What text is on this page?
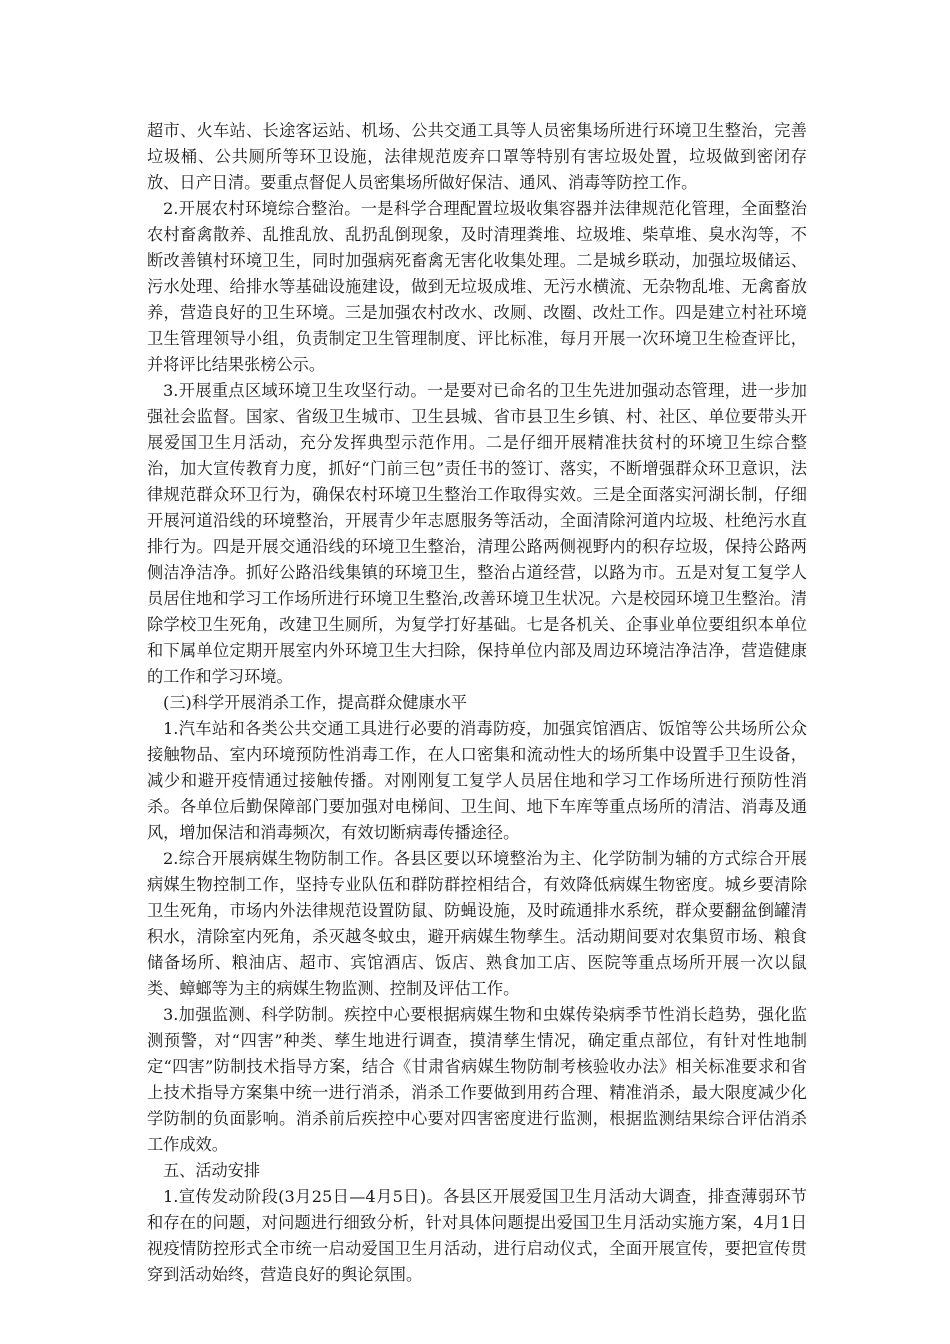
超市、火车站、长途客运站、机场、公共交通工具等人员密集场所进行环境卫生整治，完善垃圾桶、公共厕所等环卫设施，法律规范废弃口罩等特别有害垃圾处置，垃圾做到密闭存放、日产日清。要重点督促人员密集场所做好保洁、通风、消毒等防控工作。

2.开展农村环境综合整治。一是科学合理配置垃圾收集容器并法律规范化管理，全面整治农村畜禽散养、乱推乱放、乱扔乱倒现象，及时清理粪堆、垃圾堆、柴草堆、臭水沟等，不断改善镇村环境卫生，同时加强病死畜禽无害化收集处理。二是城乡联动，加强垃圾储运、污水处理、给排水等基础设施建设，做到无垃圾成堆、无污水横流、无杂物乱堆、无禽畜放养，营造良好的卫生环境。三是加强农村改水、改厕、改圈、改灶工作。四是建立村社环境卫生管理领导小组，负责制定卫生管理制度、评比标准，每月开展一次环境卫生检查评比，并将评比结果张榜公示。

3.开展重点区域环境卫生攻坚行动。一是要对已命名的卫生先进加强动态管理，进一步加强社会监督。国家、省级卫生城市、卫生县城、省市县卫生乡镇、村、社区、单位要带头开展爱国卫生月活动，充分发挥典型示范作用。二是仔细开展精准扶贫村的环境卫生综合整治，加大宣传教育力度，抓好“门前三包”责任书的签订、落实，不断增强群众环卫意识，法律规范群众环卫行为，确保农村环境卫生整治工作取得实效。三是全面落实河湖长制，仔细开展河道沿线的环境整治，开展青少年志愿服务等活动，全面清除河道内垃圾、杜绝污水直排行为。四是开展交通沿线的环境卫生整治，清理公路两侧视野内的积存垃圾，保持公路两侧洁净洁净。抓好公路沿线集镇的环境卫生，整治占道经营，以路为市。五是对复工复学人员居住地和学习工作场所进行环境卫生整治,改善环境卫生状况。六是校园环境卫生整治。清除学校卫生死角，改建卫生厕所，为复学打好基础。七是各机关、企事业单位要组织本单位和下属单位定期开展室内外环境卫生大扫除，保持单位内部及周边环境洁净洁净，营造健康的工作和学习环境。

(三)科学开展消杀工作，提高群众健康水平

1.汽车站和各类公共交通工具进行必要的消毒防疫，加强宾馆酒店、饭馆等公共场所公众接触物品、室内环境预防性消毒工作，在人口密集和流动性大的场所集中设置手卫生设备，减少和避开疫情通过接触传播。对刚刚复工复学人员居住地和学习工作场所进行预防性消杀。各单位后勤保障部门要加强对电梯间、卫生间、地下车库等重点场所的清洁、消毒及通风，增加保洁和消毒频次，有效切断病毒传播途径。

2.综合开展病媒生物防制工作。各县区要以环境整治为主、化学防制为辅的方式综合开展病媒生物控制工作，坚持专业队伍和群防群控相结合，有效降低病媒生物密度。城乡要清除卫生死角，市场内外法律规范设置防鼠、防蝇设施，及时疏通排水系统，群众要翻盆倒罐清积水，清除室内死角，杀灭越冬蚊虫，避开病媒生物孳生。活动期间要对农集贸市场、粮食储备场所、粮油店、超市、宾馆酒店、饭店、熟食加工店、医院等重点场所开展一次以鼠类、蟑螂等为主的病媒生物监测、控制及评估工作。

3.加强监测、科学防制。疾控中心要根据病媒生物和虫媒传染病季节性消长趋势，强化监测预警，对“四害”种类、孳生地进行调查，摸清孳生情况，确定重点部位，有针对性地制定“四害”防制技术指导方案，结合《甘肃省病媒生物防制考核验收办法》相关标准要求和省上技术指导方案集中统一进行消杀，消杀工作要做到用药合理、精准消杀，最大限度减少化学防制的负面影响。消杀前后疾控中心要对四害密度进行监测，根据监测结果综合评估消杀工作成效。

五、活动安排

1.宣传发动阶段(3月25日—4月5日)。各县区开展爱国卫生月活动大调查，排查薄弱环节和存在的问题，对问题进行细致分析，针对具体问题提出爱国卫生月活动实施方案，4月1日视疫情防控形式全市统一启动爱国卫生月活动，进行启动仪式，全面开展宣传，要把宣传贯穿到活动始终，营造良好的舆论氛围。
